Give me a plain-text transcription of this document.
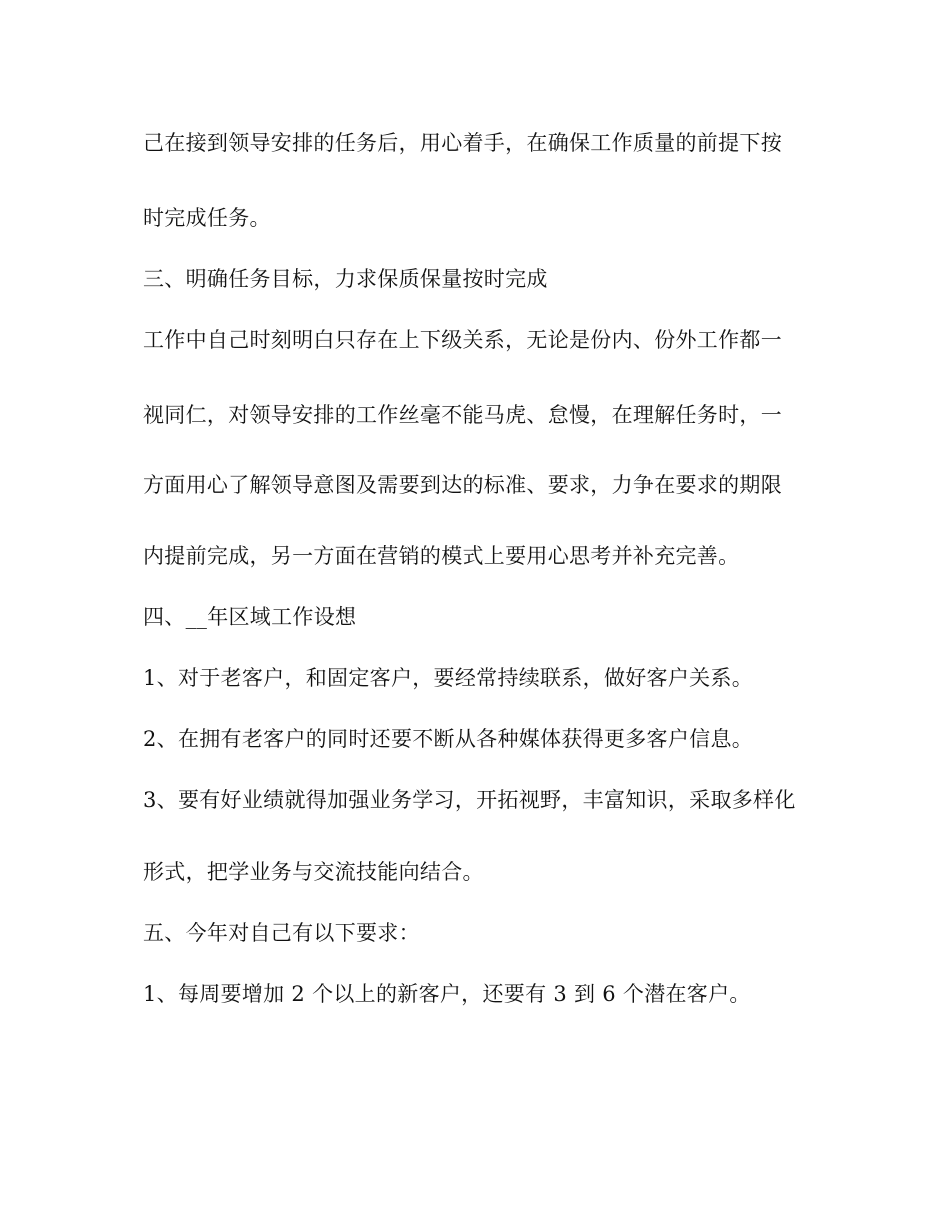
己在接到领导安排的任务后，用心着手，在确保工作质量的前提下按
时完成任务。
三、明确任务目标，力求保质保量按时完成
工作中自己时刻明白只存在上下级关系，无论是份内、份外工作都一
视同仁，对领导安排的工作丝毫不能马虎、怠慢，在理解任务时，一
方面用心了解领导意图及需要到达的标准、要求，力争在要求的期限
内提前完成，另一方面在营销的模式上要用心思考并补充完善。
四、__年区域工作设想
1、对于老客户，和固定客户，要经常持续联系，做好客户关系。
2、在拥有老客户的同时还要不断从各种媒体获得更多客户信息。
3、要有好业绩就得加强业务学习，开拓视野，丰富知识，采取多样化
形式，把学业务与交流技能向结合。
五、今年对自己有以下要求：
1、每周要增加 2 个以上的新客户，还要有 3 到 6 个潜在客户。
